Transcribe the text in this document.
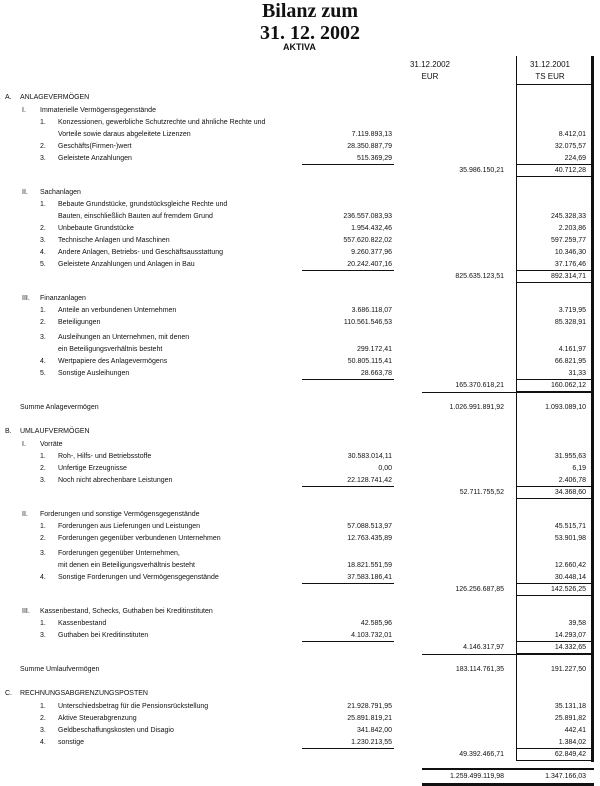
Bilanz zum
31. 12. 2002
AKTIVA
31.12.2002
EUR
31.12.2001
TS EUR
A. ANLAGEVERMÖGEN
I. Immaterielle Vermögensgegenstände
1. Konzessionen, gewerbliche Schutzrechte und ähnliche Rechte und
Vorteile sowie daraus abgeleitete Lizenzen	7.119.893,13	8.412,01
2. Geschäfts(Firmen-)wert	28.350.887,79	32.075,57
3. Geleistete Anzahlungen	515.369,29	224,69
35.986.150,21	40.712,28
II. Sachanlagen
1. Bebaute Grundstücke, grundstücksgleiche Rechte und
Bauten, einschließlich Bauten auf fremdem Grund	236.557.083,93	245.328,33
2. Unbebaute Grundstücke	1.954.432,46	2.203,86
3. Technische Anlagen und Maschinen	557.620.822,02	597.259,77
4. Andere Anlagen, Betriebs- und Geschäftsausstattung	9.260.377,96	10.346,30
5. Geleistete Anzahlungen und Anlagen in Bau	20.242.407,16	37.176,46
825.635.123,51	892.314,71
III. Finanzanlagen
1. Anteile an verbundenen Unternehmen	3.686.118,07	3.719,95
2. Beteiligungen	110.561.546,53	85.328,91
3. Ausleihungen an Unternehmen, mit denen
ein Beteiligungsverhältnis besteht	299.172,41	4.161,97
4. Wertpapiere des Anlagevermögens	50.805.115,41	66.821,95
5. Sonstige Ausleihungen	28.663,78	31,33
165.370.618,21	160.062,12
Summe Anlagevermögen	1.026.991.891,92	1.093.089,10
B. UMLAUFVERMÖGEN
I. Vorräte
1. Roh-, Hilfs- und Betriebsstoffe	30.583.014,11	31.955,63
2. Unfertige Erzeugnisse	0,00	6,19
3. Noch nicht abrechenbare Leistungen	22.128.741,42	2.406,78
52.711.755,52	34.368,60
II. Forderungen und sonstige Vermögensgegenstände
1. Forderungen aus Lieferungen und Leistungen	57.088.513,97	45.515,71
2. Forderungen gegenüber verbundenen Unternehmen	12.763.435,89	53.901,98
3. Forderungen gegenüber Unternehmen,
mit denen ein Beteiligungsverhältnis besteht	18.821.551,59	12.660,42
4. Sonstige Forderungen und Vermögensgegenstände	37.583.186,41	30.448,14
126.256.687,85	142.526,25
III. Kassenbestand, Schecks, Guthaben bei Kreditinstituten
1. Kassenbestand	42.585,96	39,58
3. Guthaben bei Kreditinstituten	4.103.732,01	14.293,07
4.146.317,97	14.332,65
Summe Umlaufvermögen	183.114.761,35	191.227,50
C. RECHNUNGSABGRENZUNGSPOSTEN
1. Unterschiedsbetrag für die Pensionsrückstellung	21.928.791,95	35.131,18
2. Aktive Steuerabgrenzung	25.891.819,21	25.891,82
3. Geldbeschaffungskosten und Disagio	341.842,00	442,41
4. sonstige	1.230.213,55	1.384,02
49.392.466,71	62.849,42
1.259.499.119,98	1.347.166,03
